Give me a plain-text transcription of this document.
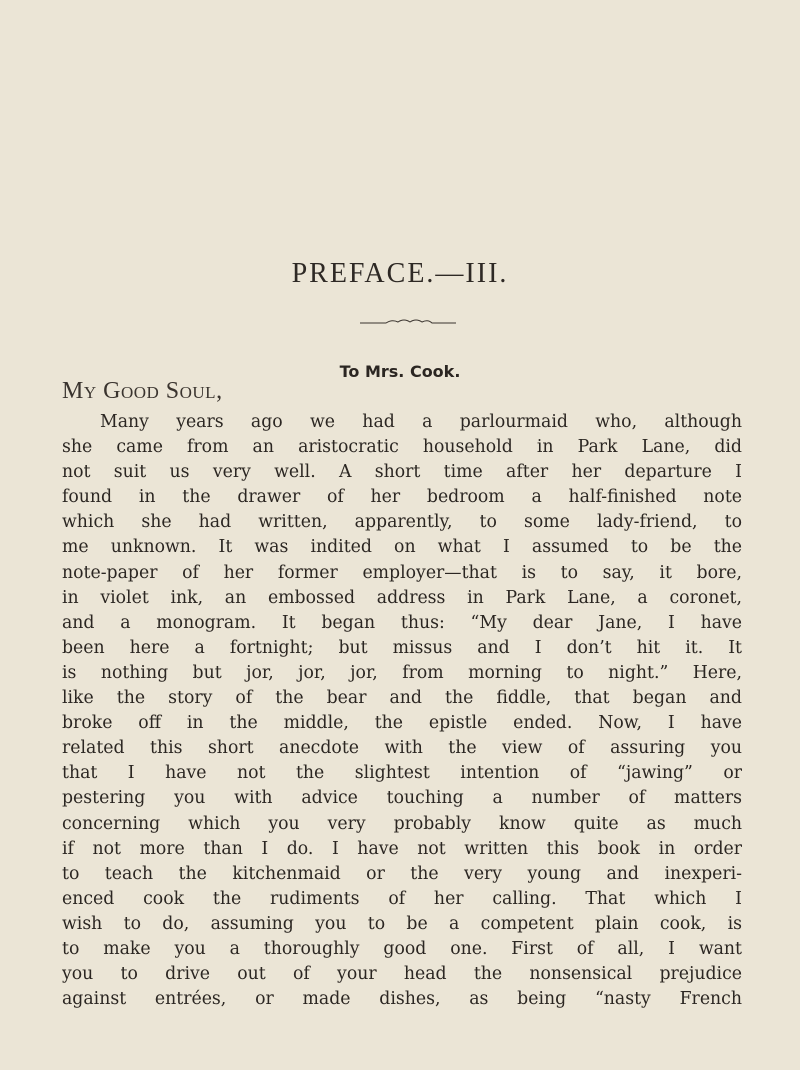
PREFACE.—III.
To Mrs. Cook.
My Good Soul,
Many years ago we had a parlourmaid who, although
she came from an aristocratic household in Park Lane, did
not suit us very well. A short time after her departure I
found in the drawer of her bedroom a half-finished note
which she had written, apparently, to some lady-friend, to
me unknown. It was indited on what I assumed to be the
note-paper of her former employer—that is to say, it bore,
in violet ink, an embossed address in Park Lane, a coronet,
and a monogram. It began thus: “My dear Jane, I have
been here a fortnight; but missus and I don’t hit it. It
is nothing but jor, jor, jor, from morning to night.” Here,
like the story of the bear and the fiddle, that began and
broke off in the middle, the epistle ended. Now, I have
related this short anecdote with the view of assuring you
that I have not the slightest intention of “jawing” or
pestering you with advice touching a number of matters
concerning which you very probably know quite as much
if not more than I do. I have not written this book in order
to teach the kitchenmaid or the very young and inexperi-
enced cook the rudiments of her calling. That which I
wish to do, assuming you to be a competent plain cook, is
to make you a thoroughly good one. First of all, I want
you to drive out of your head the nonsensical prejudice
against entrées, or made dishes, as being “nasty French
